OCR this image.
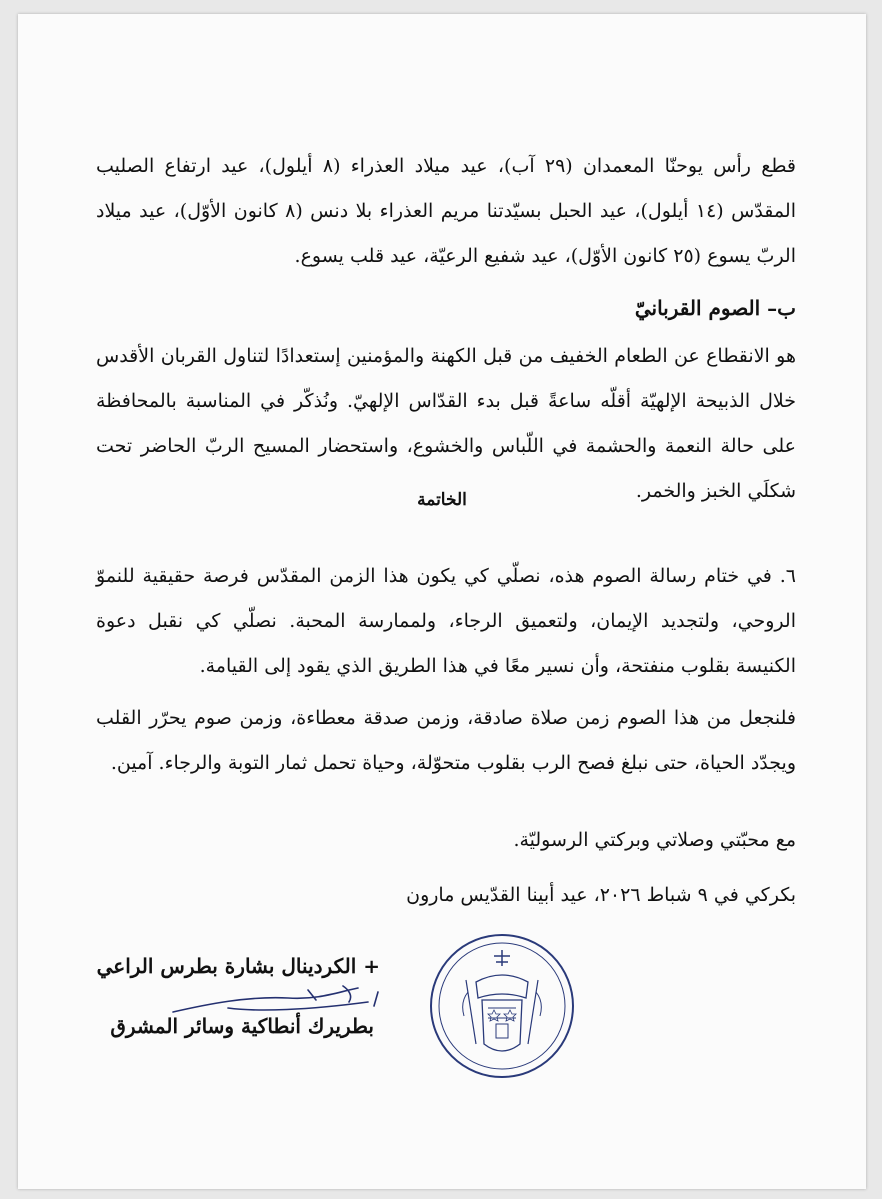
قطع رأس يوحنّا المعمدان (٢٩ آب)، عيد ميلاد العذراء (٨ أيلول)، عيد ارتفاع الصليب المقدّس (١٤ أيلول)، عيد الحبل بسيّدتنا مريم العذراء بلا دنس (٨ كانون الأوّل)، عيد ميلاد الربّ يسوع (٢٥ كانون الأوّل)، عيد شفيع الرعيّة، عيد قلب يسوع.
ب– الصوم القربانيّ
هو الانقطاع عن الطعام الخفيف من قبل الكهنة والمؤمنين إستعدادًا لتناول القربان الأقدس خلال الذبيحة الإلهيّة أقلّه ساعةً قبل بدء القدّاس الإلهيّ. ونُذكّر في المناسبة بالمحافظة على حالة النعمة والحشمة في اللّباس والخشوع، واستحضار المسيح الربّ الحاضر تحت شكلَي الخبز والخمر.
الخاتمة
٦. في ختام رسالة الصوم هذه، نصلّي كي يكون هذا الزمن المقدّس فرصة حقيقية للنموّ الروحي، ولتجديد الإيمان، ولتعميق الرجاء، ولممارسة المحبة. نصلّي كي نقبل دعوة الكنيسة بقلوب منفتحة، وأن نسير معًا في هذا الطريق الذي يقود إلى القيامة.
فلنجعل من هذا الصوم زمن صلاة صادقة، وزمن صدقة معطاءة، وزمن صوم يحرّر القلب ويجدّد الحياة، حتى نبلغ فصح الرب بقلوب متحوّلة، وحياة تحمل ثمار التوبة والرجاء. آمين.
مع محبّتي وصلاتي وبركتي الرسوليّة.
بكركي في ٩ شباط ٢٠٢٦، عيد أبينا القدّيس مارون
+ الكردينال بشارة بطرس الراعي
بطريرك أنطاكية وسائر المشرق
